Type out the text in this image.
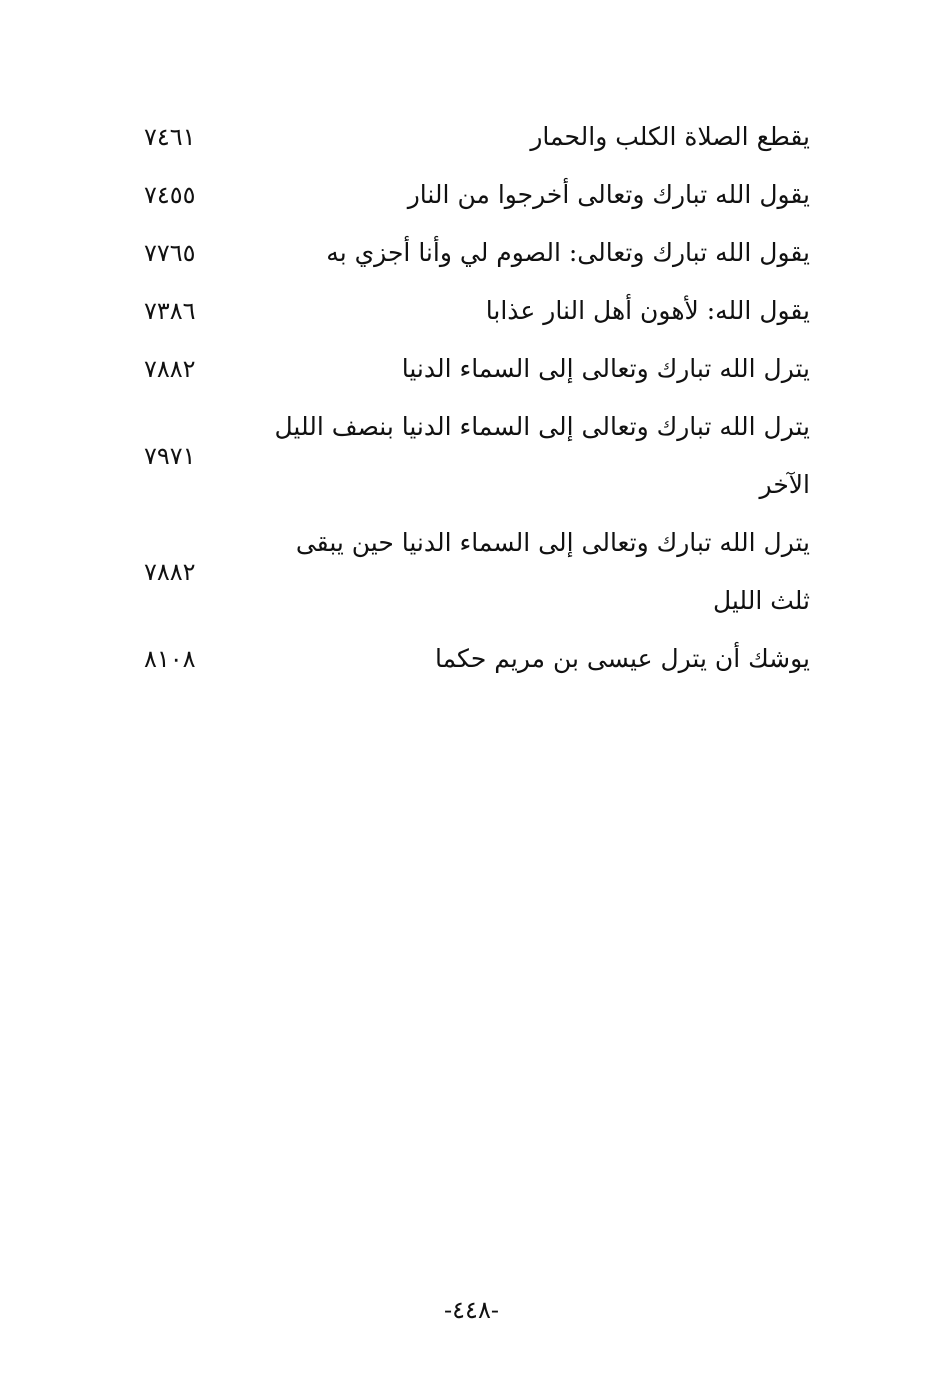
يقطع الصلاة الكلب والحمار
٧٤٦١
يقول الله تبارك وتعالى أخرجوا من النار
٧٤٥٥
يقول الله تبارك وتعالى: الصوم لي وأنا أجزي به
٧٧٦٥
يقول الله: لأهون أهل النار عذابا
٧٣٨٦
يترل الله تبارك وتعالى إلى السماء الدنيا
٧٨٨٢
يترل الله تبارك وتعالى إلى السماء الدنيا بنصف الليل الآخر
٧٩٧١
يترل الله تبارك وتعالى إلى السماء الدنيا حين يبقى ثلث الليل
٧٨٨٢
يوشك أن يترل عيسى بن مريم حكما
٨١٠٨
-٤٤٨-
